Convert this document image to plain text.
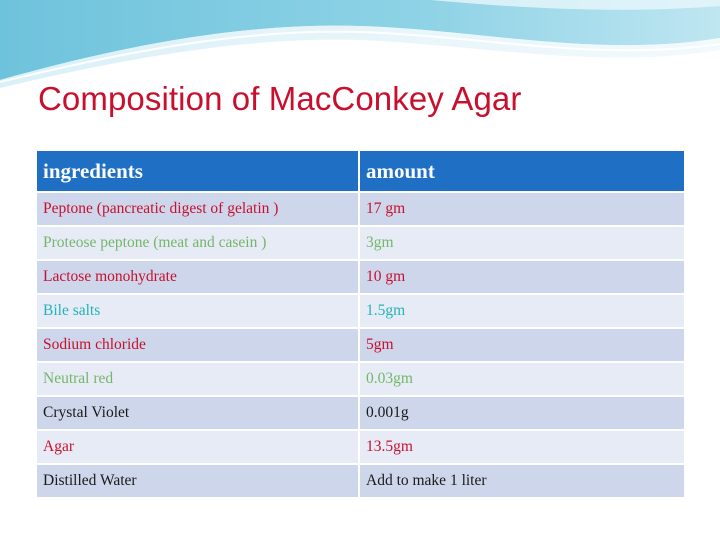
Composition of MacConkey Agar
ingredients	amount
Peptone (pancreatic digest of gelatin )	17 gm
Proteose peptone (meat and casein )	3gm
Lactose monohydrate	10 gm
Bile salts	1.5gm
Sodium chloride	5gm
Neutral red	0.03gm
Crystal Violet	0.001g
Agar	13.5gm
Distilled Water	Add to make 1 liter
